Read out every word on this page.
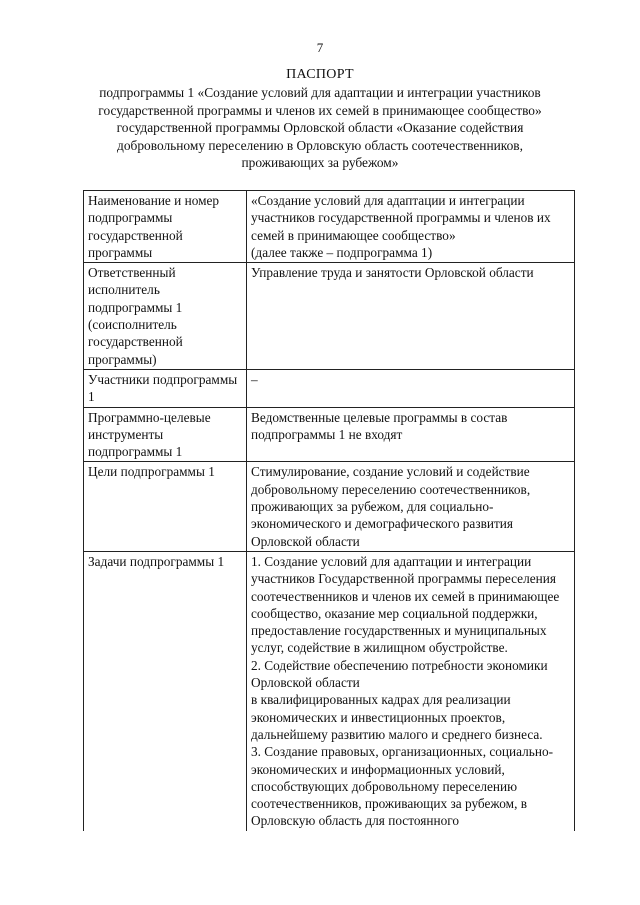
7
ПАСПОРТ

подпрограммы 1 «Создание условий для адаптации и интеграции участников

государственной программы и членов их семей в принимающее сообщество»

государственной программы Орловской области «Оказание содействия

добровольному переселению в Орловскую область соотечественников,

проживающих за рубежом»

Наименование и номер подпрограммы государственной программы	«Создание условий для адаптации и интеграции участников государственной программы и членов их семей в принимающее сообщество»

(далее также – подпрограмма 1)

Ответственный исполнитель подпрограммы 1 (соисполнитель государственной программы)	Управление труда и занятости Орловской области

Участники подпрограммы 1	–

Программно-целевые инструменты подпрограммы 1	Ведомственные целевые программы в состав подпрограммы 1 не входят

Цели подпрограммы 1	Стимулирование, создание условий и содействие добровольному переселению соотечественников, проживающих за рубежом, для социально-экономического и демографического развития Орловской области

Задачи подпрограммы 1	1. Создание условий для адаптации и интеграции участников Государственной программы переселения соотечественников и членов их семей в принимающее сообщество, оказание мер социальной поддержки, предоставление государственных и муниципальных услуг, содействие в жилищном обустройстве.

2. Содействие обеспечению потребности экономики Орловской области

в квалифицированных кадрах для реализации экономических и инвестиционных проектов, дальнейшему развитию малого и среднего бизнеса.

3. Создание правовых, организационных, социально-экономических и информационных условий, способствующих добровольному переселению соотечественников, проживающих за рубежом, в Орловскую область для постоянного
